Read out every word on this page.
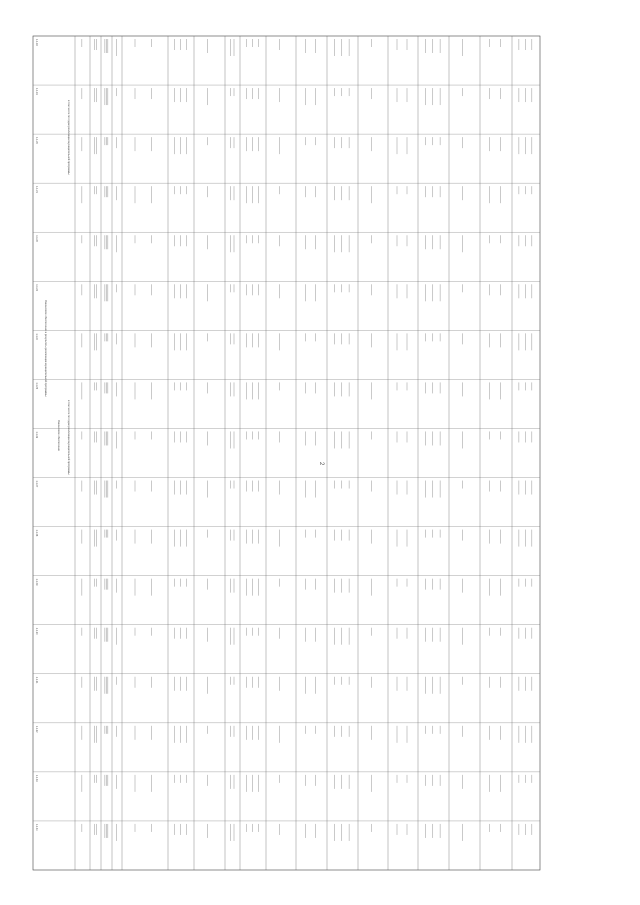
2
Финансовое обеспечение и результаты реализации муниципальной программы
Финансовое обеспечение	в том числе по годам реализации муниципальной программы
в том числе по годам реализации муниципальной программы
1.1.18
1.1.19
1.1.20
1.1.21
1.1.22
1.1.23
1.1.24
1.1.25
1.1.26
1.1.27
1.1.28
1.1.29
1.1.30
1.1.31
1.1.32
1.1.33
1.1.34
